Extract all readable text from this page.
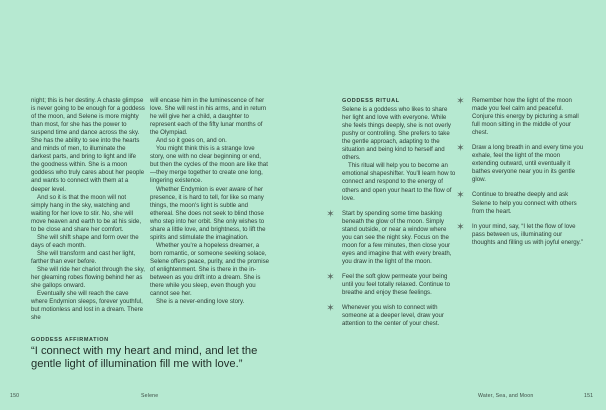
night; this is her destiny. A chaste glimpse is never going to be enough for a goddess of the moon, and Selene is more mighty than most, for she has the power to suspend time and dance across the sky. She has the ability to see into the hearts and minds of men, to illuminate the darkest parts, and bring to light and life the goodness within. She is a moon goddess who truly cares about her people and wants to connect with them at a deeper level.

And so it is that the moon will not simply hang in the sky, watching and waiting for her love to stir. No, she will move heaven and earth to be at his side, to be close and share her comfort.

She will shift shape and form over the days of each month.

She will transform and cast her light, farther than ever before.

She will ride her chariot through the sky, her gleaming robes flowing behind her as she gallops onward.

Eventually she will reach the cave where Endymion sleeps, forever youthful, but motionless and lost in a dream. There she

will encase him in the luminescence of her love. She will rest in his arms, and in return he will give her a child, a daughter to represent each of the fifty lunar months of the Olympiad.

And so it goes on, and on.

You might think this is a strange love story, one with no clear beginning or end, but then the cycles of the moon are like that—they merge together to create one long, lingering existence.

Whether Endymion is ever aware of her presence, it is hard to tell, for like so many things, the moon's light is subtle and ethereal. She does not seek to blind those who step into her orbit. She only wishes to share a little love, and brightness, to lift the spirits and stimulate the imagination.

Whether you're a hopeless dreamer, a born romantic, or someone seeking solace, Selene offers peace, purity, and the promise of enlightenment. She is there in the in-between as you drift into a dream. She is there while you sleep, even though you cannot see her.

She is a never-ending love story.

GODDESS AFFIRMATION
“I connect with my heart and mind, and let the gentle light of illumination fill me with love.”
150	Selene
GODDESS RITUAL

Selene is a goddess who likes to share her light and love with everyone. While she feels things deeply, she is not overly pushy or controlling. She prefers to take the gentle approach, adapting to the situation and being kind to herself and others.

This ritual will help you to become an emotional shapeshifter. You'll learn how to connect and respond to the energy of others and open your heart to the flow of love.

✶ Start by spending some time basking beneath the glow of the moon. Simply stand outside, or near a window where you can see the night sky. Focus on the moon for a few minutes, then close your eyes and imagine that with every breath, you draw in the light of the moon.

✶ Feel the soft glow permeate your being until you feel totally relaxed. Continue to breathe and enjoy these feelings.

✶ Whenever you wish to connect with someone at a deeper level, draw your attention to the center of your chest.

✶ Remember how the light of the moon made you feel calm and peaceful. Conjure this energy by picturing a small full moon sitting in the middle of your chest.

✶ Draw a long breath in and every time you exhale, feel the light of the moon extending outward, until eventually it bathes everyone near you in its gentle glow.

✶ Continue to breathe deeply and ask Selene to help you connect with others from the heart.

✶ In your mind, say, “I let the flow of love pass between us, illuminating our thoughts and filling us with joyful energy.”

Water, Sea, and Moon	151
